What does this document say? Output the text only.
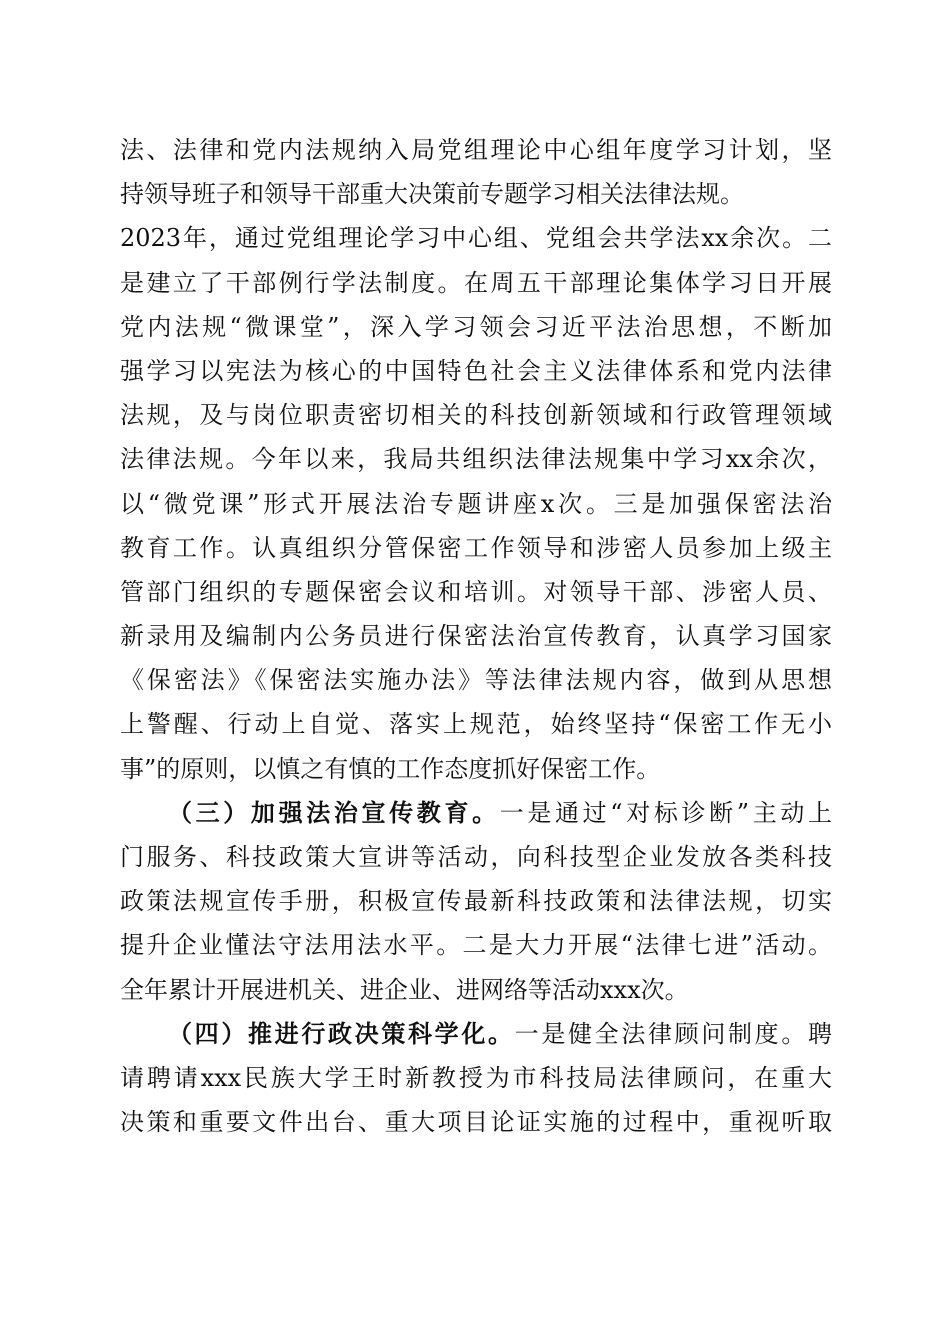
法、法律和党内法规纳入局党组理论中心组年度学习计划，坚
持领导班子和领导干部重大决策前专题学习相关法律法规。
2023年，通过党组理论学习中心组、党组会共学法xx余次。二
是建立了干部例行学法制度。在周五干部理论集体学习日开展
党内法规“微课堂”，深入学习领会习近平法治思想，不断加
强学习以宪法为核心的中国特色社会主义法律体系和党内法律
法规，及与岗位职责密切相关的科技创新领域和行政管理领域
法律法规。今年以来，我局共组织法律法规集中学习xx余次，
以“微党课”形式开展法治专题讲座x次。三是加强保密法治
教育工作。认真组织分管保密工作领导和涉密人员参加上级主
管部门组织的专题保密会议和培训。对领导干部、涉密人员、
新录用及编制内公务员进行保密法治宣传教育，认真学习国家
《保密法》《保密法实施办法》等法律法规内容，做到从思想
上警醒、行动上自觉、落实上规范，始终坚持“保密工作无小
事”的原则，以慎之有慎的工作态度抓好保密工作。
（三）加强法治宣传教育。一是通过“对标诊断”主动上
门服务、科技政策大宣讲等活动，向科技型企业发放各类科技
政策法规宣传手册，积极宣传最新科技政策和法律法规，切实
提升企业懂法守法用法水平。二是大力开展“法律七进”活动。
全年累计开展进机关、进企业、进网络等活动xxx次。
（四）推进行政决策科学化。一是健全法律顾问制度。聘
请聘请xxx民族大学王时新教授为市科技局法律顾问，在重大
决策和重要文件出台、重大项目论证实施的过程中，重视听取
